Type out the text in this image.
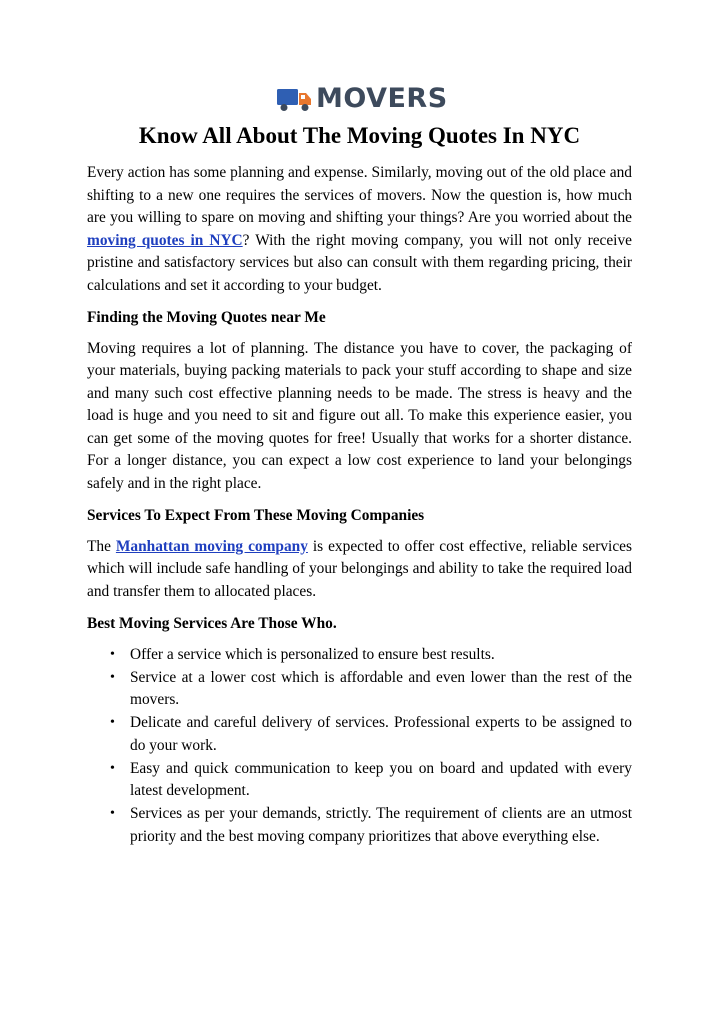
MOVERS
Know All About The Moving Quotes In NYC

Every action has some planning and expense. Similarly, moving out of the old place and shifting to a new one requires the services of movers. Now the question is, how much are you willing to spare on moving and shifting your things? Are you worried about the moving quotes in NYC? With the right moving company, you will not only receive pristine and satisfactory services but also can consult with them regarding pricing, their calculations and set it according to your budget.

Finding the Moving Quotes near Me

Moving requires a lot of planning. The distance you have to cover, the packaging of your materials, buying packing materials to pack your stuff according to shape and size and many such cost effective planning needs to be made. The stress is heavy and the load is huge and you need to sit and figure out all. To make this experience easier, you can get some of the moving quotes for free! Usually that works for a shorter distance. For a longer distance, you can expect a low cost experience to land your belongings safely and in the right place.

Services To Expect From These Moving Companies

The Manhattan moving company is expected to offer cost effective, reliable services which will include safe handling of your belongings and ability to take the required load and transfer them to allocated places.

Best Moving Services Are Those Who.
• Offer a service which is personalized to ensure best results.
• Service at a lower cost which is affordable and even lower than the rest of the movers.
• Delicate and careful delivery of services. Professional experts to be assigned to do your work.
• Easy and quick communication to keep you on board and updated with every latest development.
• Services as per your demands, strictly. The requirement of clients are an utmost priority and the best moving company prioritizes that above everything else.
